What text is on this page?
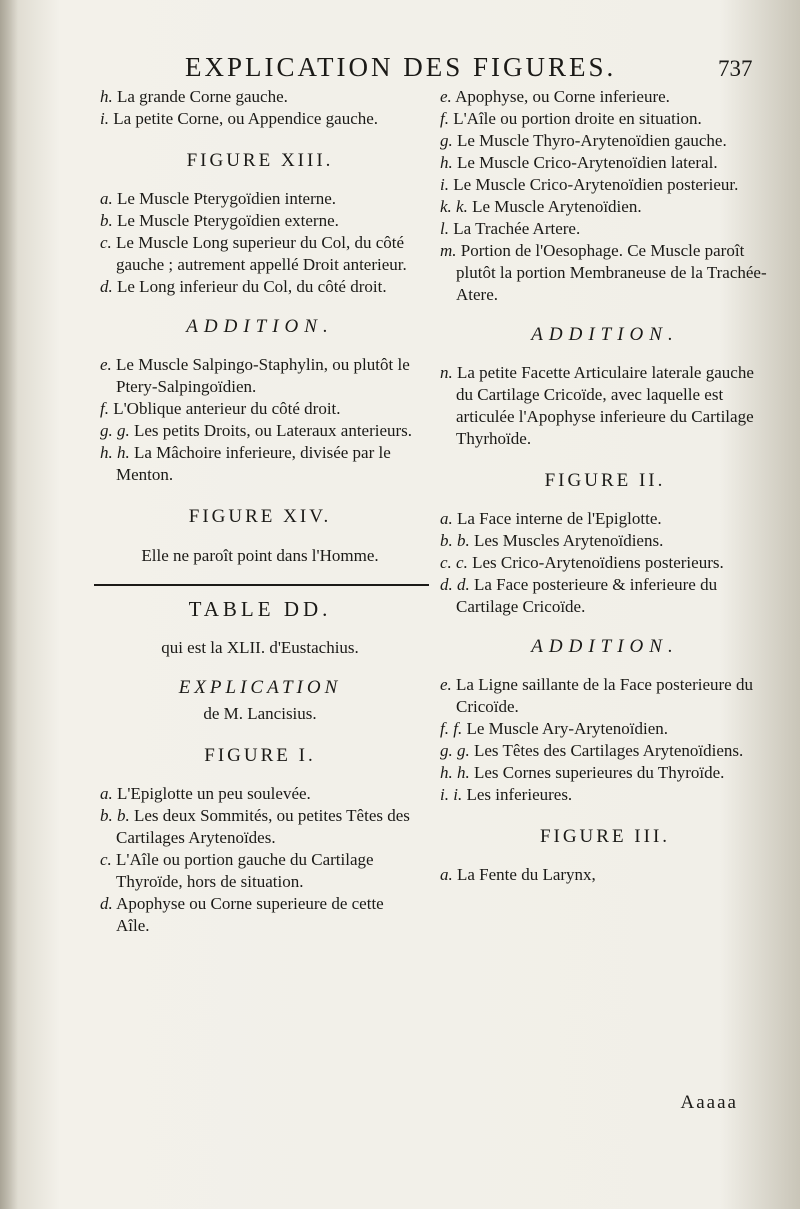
EXPLICATION DES FIGURES.	737

h. La grande Corne gauche.

i. La petite Corne, ou Appendice gauche.

FIGURE XIII.

a. Le Muscle Pterygoïdien interne.

b. Le Muscle Pterygoïdien externe.

c. Le Muscle Long superieur du Col, du côté gauche ; autrement appellé Droit anterieur.

d. Le Long inferieur du Col, du côté droit.

ADDITION.

e. Le Muscle Salpingo-Staphylin, ou plutôt le Ptery-Salpingoïdien.

f. L'Oblique anterieur du côté droit.

g. g. Les petits Droits, ou Lateraux anterieurs.

h. h. La Mâchoire inferieure, divisée par le Menton.

FIGURE XIV.

Elle ne paroît point dans l'Homme.

TABLE DD.

qui est la XLII. d'Eustachius.

EXPLICATION
de M. Lancisius.
FIGURE I.

a. L'Epiglotte un peu soulevée.

b. b. Les deux Sommités, ou petites Têtes des Cartilages Arytenoïdes.

c. L'Aîle ou portion gauche du Cartilage Thyroïde, hors de situation.

d. Apophyse ou Corne superieure de cette Aîle.

e. Apophyse, ou Corne inferieure.

f. L'Aîle ou portion droite en situation.

g. Le Muscle Thyro-Arytenoïdien gauche.

h. Le Muscle Crico-Arytenoïdien lateral.

i. Le Muscle Crico-Arytenoïdien posterieur.

k. k. Le Muscle Arytenoïdien.

l. La Trachée Artere.

m. Portion de l'Oesophage. Ce Muscle paroît plutôt la portion Membraneuse de la Trachée-Atere.

ADDITION.

n. La petite Facette Articulaire laterale gauche du Cartilage Cricoïde, avec laquelle est articulée l'Apophyse inferieure du Cartilage Thyrhoïde.

FIGURE II.

a. La Face interne de l'Epiglotte.

b. b. Les Muscles Arytenoïdiens.

c. c. Les Crico-Arytenoïdiens posterieurs.

d. d. La Face posterieure & inferieure du Cartilage Cricoïde.

ADDITION.

e. La Ligne saillante de la Face posterieure du Cricoïde.

f. f. Le Muscle Ary-Arytenoïdien.

g. g. Les Têtes des Cartilages Arytenoïdiens.

h. h. Les Cornes superieures du Thyroïde.

i. i. Les inferieures.

FIGURE III.

a. La Fente du Larynx,

Aaaaa
